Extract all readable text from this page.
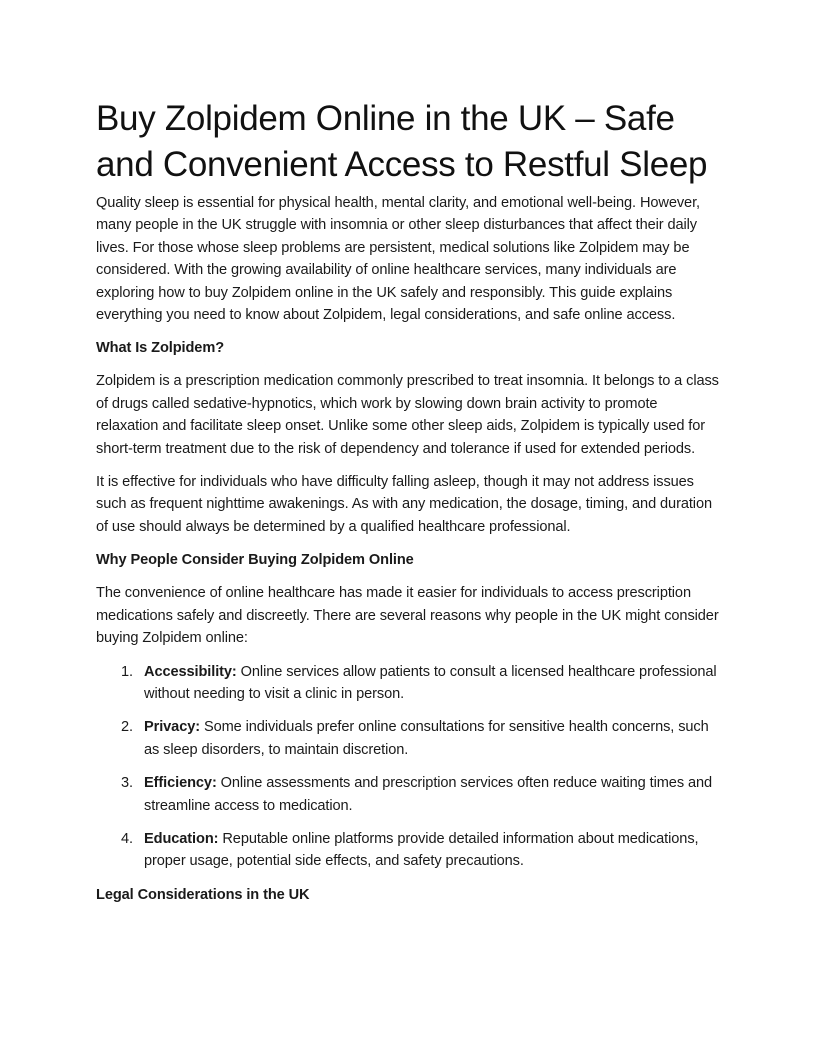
Buy Zolpidem Online in the UK – Safe and Convenient Access to Restful Sleep

Quality sleep is essential for physical health, mental clarity, and emotional well-being. However, many people in the UK struggle with insomnia or other sleep disturbances that affect their daily lives. For those whose sleep problems are persistent, medical solutions like Zolpidem may be considered. With the growing availability of online healthcare services, many individuals are exploring how to buy Zolpidem online in the UK safely and responsibly. This guide explains everything you need to know about Zolpidem, legal considerations, and safe online access.

What Is Zolpidem?

Zolpidem is a prescription medication commonly prescribed to treat insomnia. It belongs to a class of drugs called sedative-hypnotics, which work by slowing down brain activity to promote relaxation and facilitate sleep onset. Unlike some other sleep aids, Zolpidem is typically used for short-term treatment due to the risk of dependency and tolerance if used for extended periods.

It is effective for individuals who have difficulty falling asleep, though it may not address issues such as frequent nighttime awakenings. As with any medication, the dosage, timing, and duration of use should always be determined by a qualified healthcare professional.

Why People Consider Buying Zolpidem Online

The convenience of online healthcare has made it easier for individuals to access prescription medications safely and discreetly. There are several reasons why people in the UK might consider buying Zolpidem online:

1. Accessibility: Online services allow patients to consult a licensed healthcare professional without needing to visit a clinic in person.
2. Privacy: Some individuals prefer online consultations for sensitive health concerns, such as sleep disorders, to maintain discretion.
3. Efficiency: Online assessments and prescription services often reduce waiting times and streamline access to medication.
4. Education: Reputable online platforms provide detailed information about medications, proper usage, potential side effects, and safety precautions.
Legal Considerations in the UK
